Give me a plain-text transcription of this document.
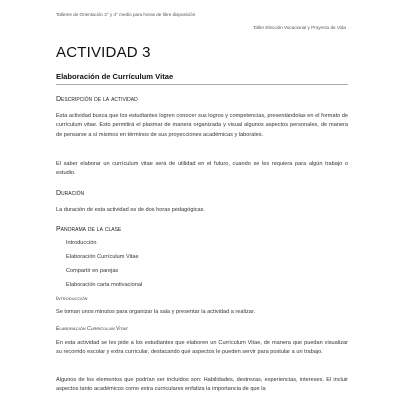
Talleres de Orientación 3° y 4° medio para horas de libre disposición
Taller Elección Vocacional y Proyecto de Vida
ACTIVIDAD 3
Elaboración de Currículum Vitae
Descripción de la actividad
Esta actividad busca que los estudiantes logren conocer sus logros y competencias, presentándolas en el formato de currículum vitae. Esto permitirá el plasmar de manera organizada y visual algunos aspectos personales, de manera de pensarse a sí mismos en términos de sus proyecciones académicas y laborales.
El saber elaborar un currículum vitae será de utilidad en el futuro, cuando se les requiera para algún trabajo o estudio.
Duración
La duración de esta actividad es de dos horas pedagógicas.
Panorama de la clase
Introducción
Elaboración Currículum Vitae
Compartir en parejas
Elaboración carta motivacional
Introducción
Se toman unos minutos para organizar la sala y presentar la actividad a realizar.
Elaboración Currículum Vitae
En esta actividad se les pide a los estudiantes que elaboren un Currículum Vitae, de manera que puedan visualizar su recorrido escolar y extra curricular, destacando qué aspectos le pueden servir para postular a un trabajo.
Algunos de los elementos que podrían ser incluidos son: Habilidades, destrezas, experiencias, intereses. El incluir aspectos tanto académicos como extra curriculares enfatiza la importancia de que la
